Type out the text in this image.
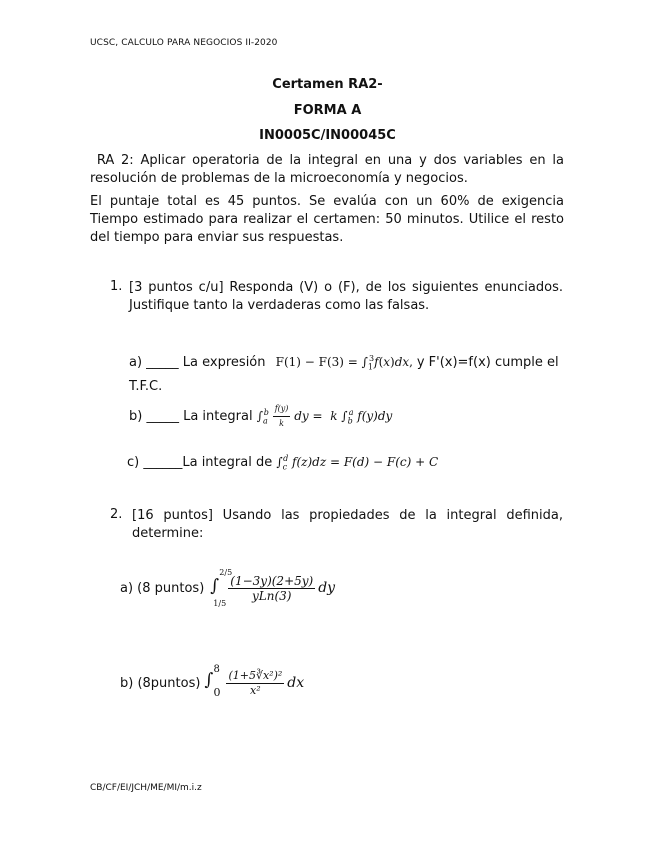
UCSC, CALCULO PARA NEGOCIOS II-2020
Certamen RA2-
FORMA A
IN0005C/IN00045C
RA 2: Aplicar operatoria de la integral en una y dos variables en la resolución de problemas de la microeconomía y negocios.
El puntaje total es 45 puntos. Se evalúa con un 60% de exigencia Tiempo estimado para realizar el certamen: 50 minutos. Utilice el resto del tiempo para enviar sus respuestas.
1. [3 puntos c/u] Responda (V) o (F), de los siguientes enunciados. Justifique tanto la verdaderas como las falsas.
a) _____ La expresión $F(1) - F(3) = \int_1^3f(x)dx$, y F'(x)=f(x) cumple el T.F.C.
b) _____ La integral $\int_a^b \frac{f(y)}{k}$ dy =  k $\int_b^a$ f(y)dy
c) ______La integral de $\int_c^d$ f(z)dz = F(d) − F(c) + C
2. [16 puntos] Usando las propiedades de la integral definida, determine:
a) (8 puntos) ∫
2/5
1/5
$\frac{(1-3y)(2+5y)}{\text{yLn(3)}}$ dy
b) (8puntos) ∫
8
$0 \frac{\text{(1+5∛x²)²}}{\text{x²}}$ dx
CB/CF/EI/JCH/ME/MI/m.i.z
